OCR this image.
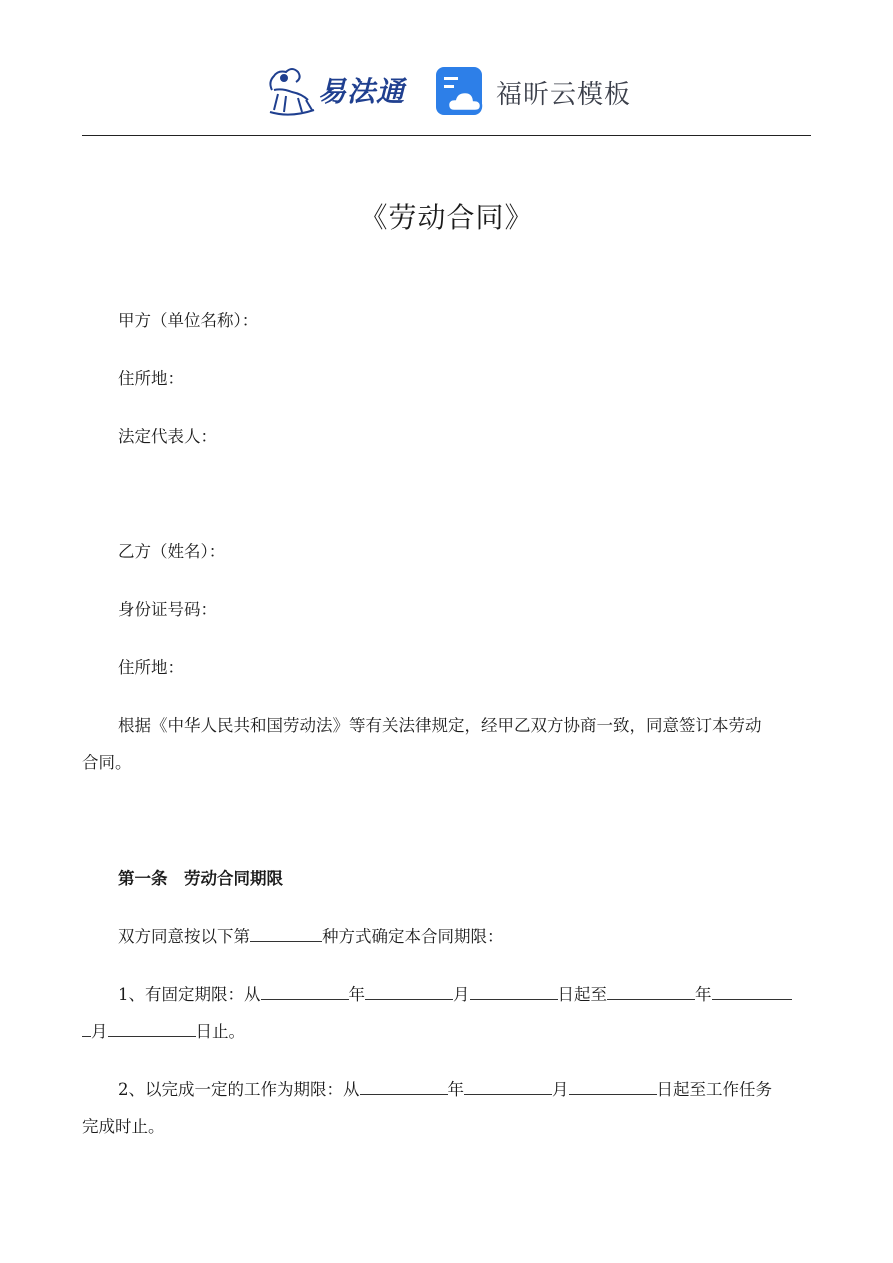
易法通	福昕云模板
《劳动合同》
甲方（单位名称）：
住所地：
法定代表人：
乙方（姓名）：
身份证号码：
住所地：
根据《中华人民共和国劳动法》等有关法律规定，经甲乙双方协商一致，同意签订本劳动
合同。
第一条　劳动合同期限
双方同意按以下第	种方式确定本合同期限：
1、有固定期限：从	年	月	日起至	年
月	日止。
2、以完成一定的工作为期限：从	年	月	日起至工作任务
完成时止。
